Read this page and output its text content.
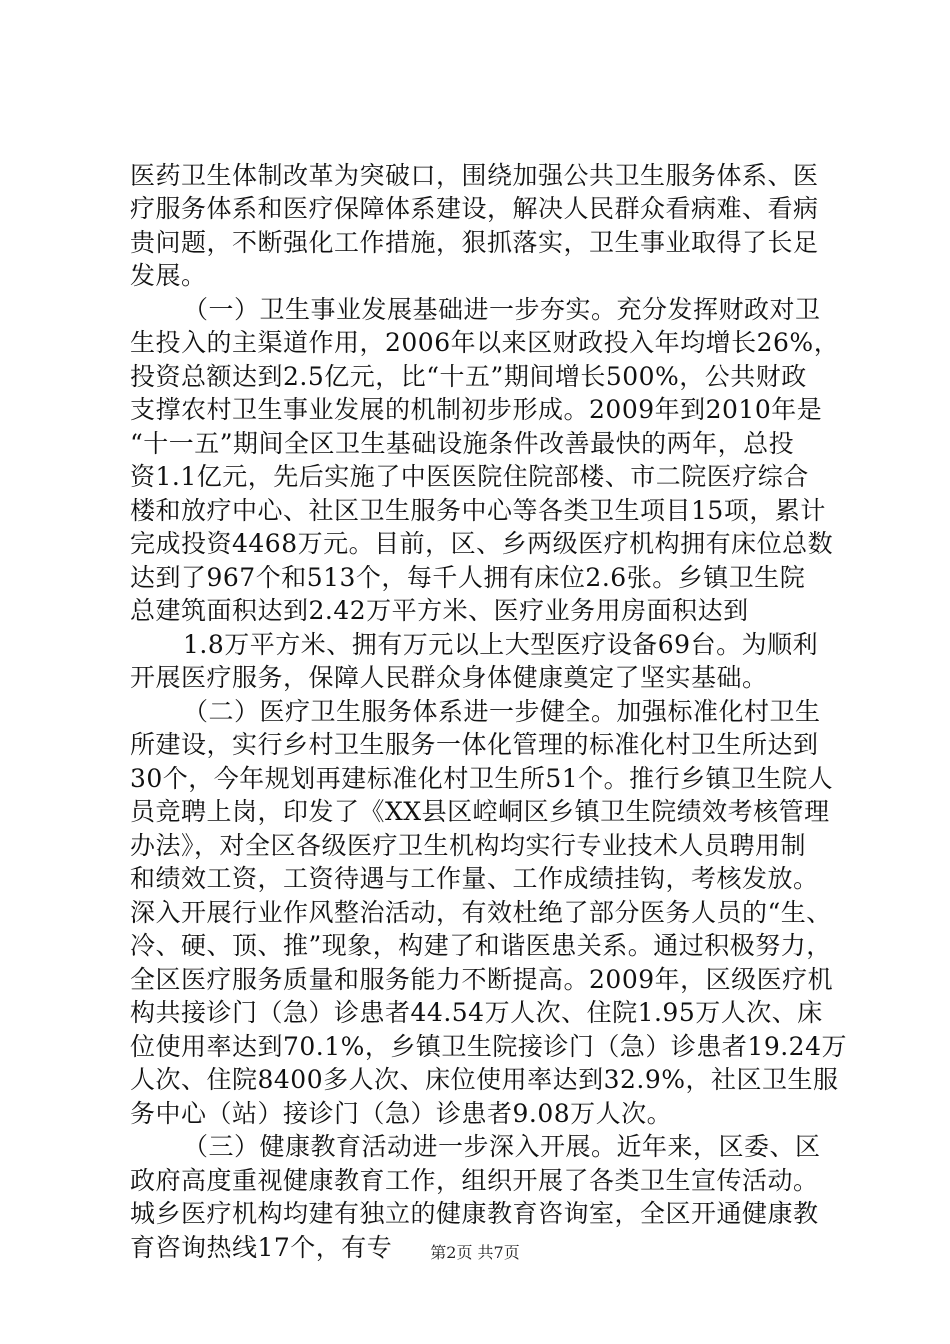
医药卫生体制改革为突破口，围绕加强公共卫生服务体系、医
疗服务体系和医疗保障体系建设，解决人民群众看病难、看病
贵问题，不断强化工作措施，狠抓落实，卫生事业取得了长足
发展。
（一）卫生事业发展基础进一步夯实。充分发挥财政对卫
生投入的主渠道作用，2006年以来区财政投入年均增长26%，
投资总额达到2.5亿元，比“十五”期间增长500%，公共财政
支撑农村卫生事业发展的机制初步形成。2009年到2010年是
“十一五”期间全区卫生基础设施条件改善最快的两年，总投
资1.1亿元，先后实施了中医医院住院部楼、市二院医疗综合
楼和放疗中心、社区卫生服务中心等各类卫生项目15项，累计
完成投资4468万元。目前，区、乡两级医疗机构拥有床位总数
达到了967个和513个，每千人拥有床位2.6张。乡镇卫生院
总建筑面积达到2.42万平方米、医疗业务用房面积达到
1.8万平方米、拥有万元以上大型医疗设备69台。为顺利
开展医疗服务，保障人民群众身体健康奠定了坚实基础。
（二）医疗卫生服务体系进一步健全。加强标准化村卫生
所建设，实行乡村卫生服务一体化管理的标准化村卫生所达到
30个，今年规划再建标准化村卫生所51个。推行乡镇卫生院人
员竞聘上岗，印发了《XX县区崆峒区乡镇卫生院绩效考核管理
办法》，对全区各级医疗卫生机构均实行专业技术人员聘用制
和绩效工资，工资待遇与工作量、工作成绩挂钩，考核发放。
深入开展行业作风整治活动，有效杜绝了部分医务人员的“生、
冷、硬、顶、推”现象，构建了和谐医患关系。通过积极努力，
全区医疗服务质量和服务能力不断提高。2009年，区级医疗机
构共接诊门（急）诊患者44.54万人次、住院1.95万人次、床
位使用率达到70.1%，乡镇卫生院接诊门（急）诊患者19.24万
人次、住院8400多人次、床位使用率达到32.9%，社区卫生服
务中心（站）接诊门（急）诊患者9.08万人次。
（三）健康教育活动进一步深入开展。近年来，区委、区
政府高度重视健康教育工作，组织开展了各类卫生宣传活动。
城乡医疗机构均建有独立的健康教育咨询室，全区开通健康教
育咨询热线17个，有专	第2页 共7页
